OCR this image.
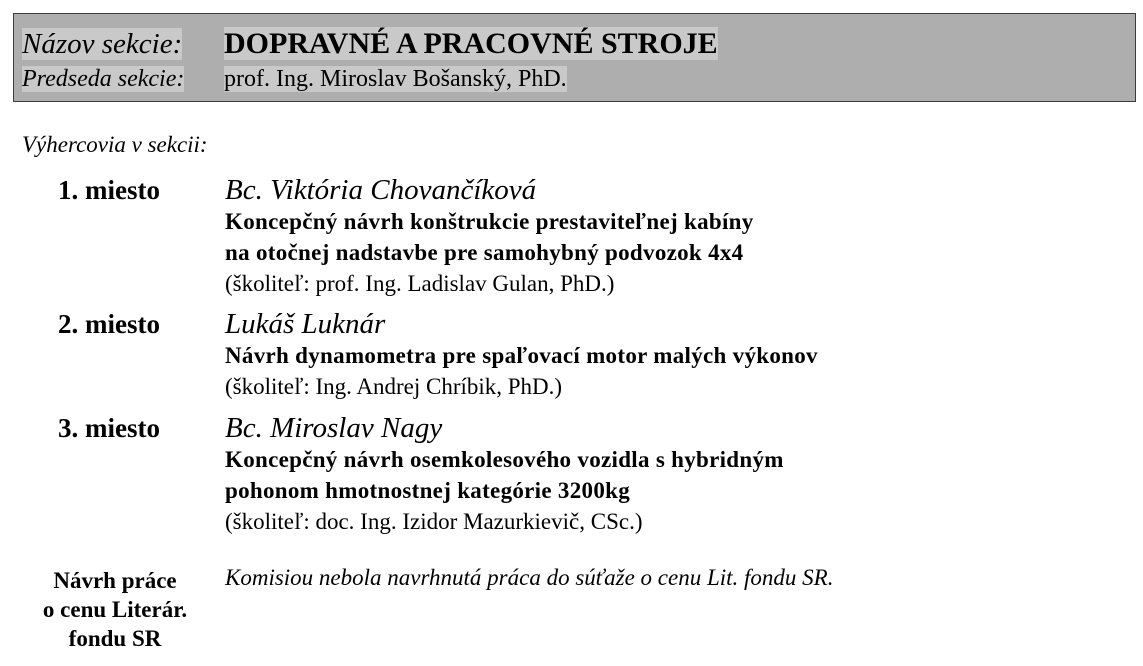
Názov sekcie: DOPRAVNÉ A PRACOVNÉ STROJE
Predseda sekcie: prof. Ing. Miroslav Bošanský, PhD.
Výhercovia v sekcii:
1. miesto Bc. Viktória Chovančíková
Koncepčný návrh konštrukcie prestaviteľnej kabíny
na otočnej nadstavbe pre samohybný podvozok 4x4
(školiteľ: prof. Ing. Ladislav Gulan, PhD.)
2. miesto Lukáš Luknár
Návrh dynamometra pre spaľovací motor malých výkonov
(školiteľ: Ing. Andrej Chríbik, PhD.)
3. miesto Bc. Miroslav Nagy
Koncepčný návrh osemkolesového vozidla s hybridným
pohonom hmotnostnej kategórie 3200kg
(školiteľ: doc. Ing. Izidor Mazurkievič, CSc.)
Návrh práce
o cenu Literár.
fondu SR
Komisiou nebola navrhnutá práca do súťaže o cenu Lit. fondu SR.
